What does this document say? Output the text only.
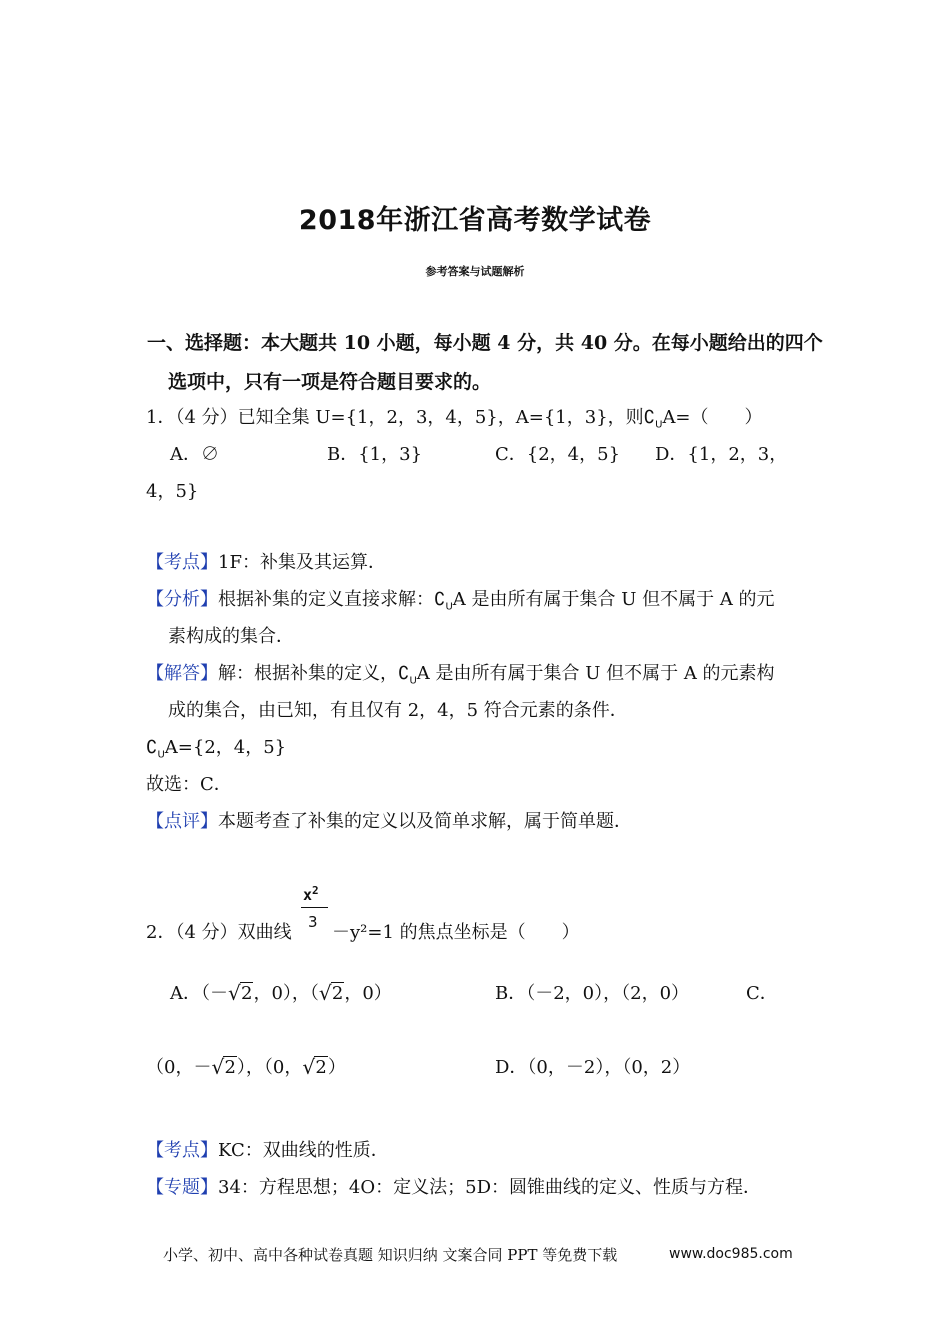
2018年浙江省高考数学试卷
参考答案与试题解析
一、选择题：本大题共 10 小题，每小题 4 分，共 40 分。在每小题给出的四个
选项中，只有一项是符合题目要求的。
1．（4 分）已知全集 U={1，2，3，4，5}，A={1，3}，则$∁_UA=$（　　）
A．∅	B．{1，3}	C．{2，4，5} D．{1，2，3，
4，5}
【考点】1F：补集及其运算．
【分析】根据补集的定义直接求解：$∁_UA$ 是由所有属于集合 U 但不属于 A 的元
素构成的集合．
【解答】解：根据补集的定义，$∁_UA$ 是由所有属于集合 U 但不属于 A 的元素构
成的集合，由已知，有且仅有 2，4，5 符合元素的条件．
$∁_UA=\{2$，4，5}
故选：C．
【点评】本题考查了补集的定义以及简单求解，属于简单题．
$x^2$
3
2．（4 分）双曲线 －y²=1 的焦点坐标是（　　）
A．（－ √ 2，0），（ √ 2，0）	B．（－2，0），（2，0）	C．
（0，－ √ 2），（0， √ 2）	D．（0，－2），（0，2）
【考点】KC：双曲线的性质．
【专题】34：方程思想；4O：定义法；5D：圆锥曲线的定义、性质与方程．
小学、初中、高中各种试卷真题 知识归纳 文案合同 PPT 等免费下载	www.doc985.com
